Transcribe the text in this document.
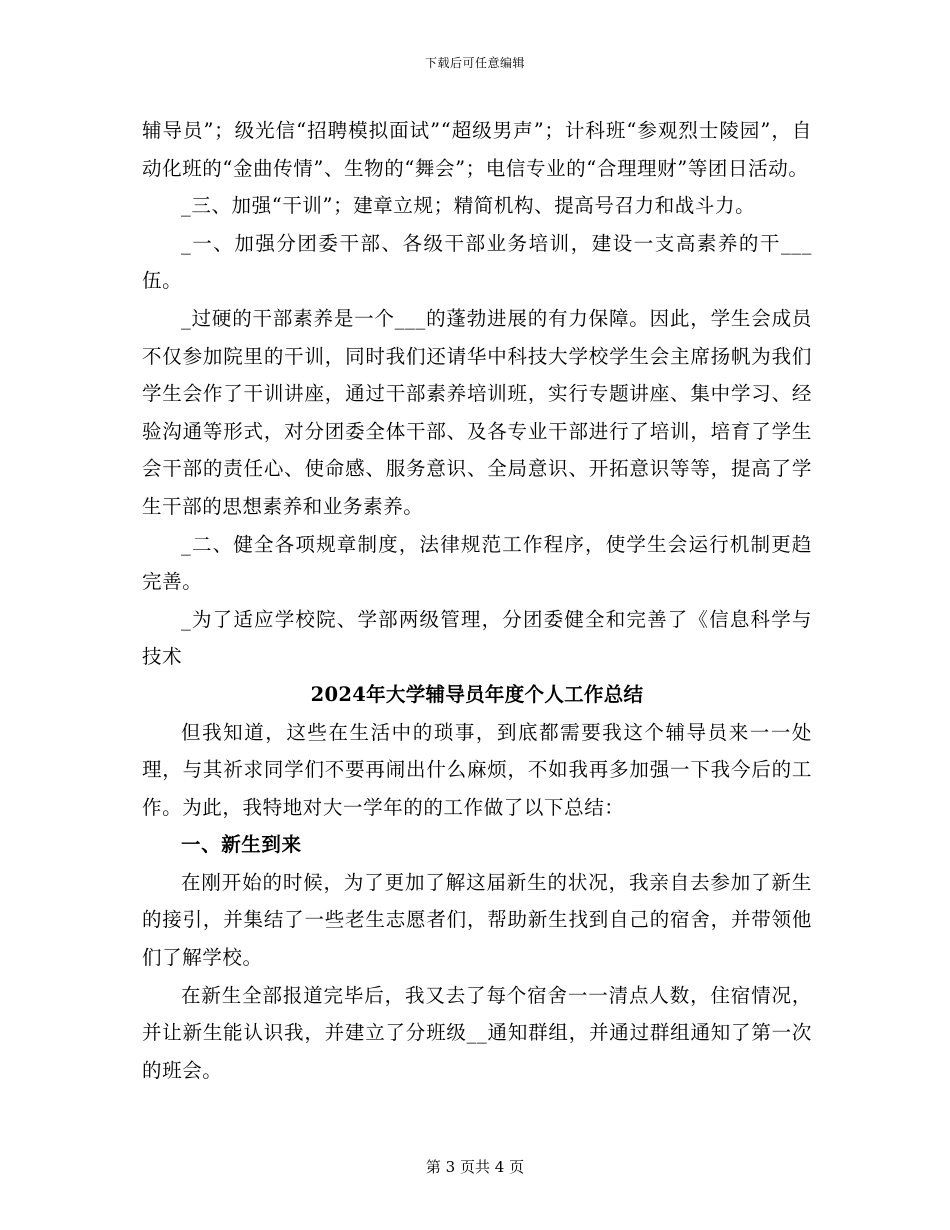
下载后可任意编辑

辅导员”；级光信“招聘模拟面试”“超级男声”；计科班“参观烈士陵园”，自动化班的“金曲传情”、生物的“舞会”；电信专业的“合理理财”等团日活动。

_三、加强“干训”；建章立规；精简机构、提高号召力和战斗力。

_一、加强分团委干部、各级干部业务培训，建设一支高素养的干___伍。

_过硬的干部素养是一个___的蓬勃进展的有力保障。因此，学生会成员不仅参加院里的干训，同时我们还请华中科技大学校学生会主席扬帆为我们学生会作了干训讲座，通过干部素养培训班，实行专题讲座、集中学习、经验沟通等形式，对分团委全体干部、及各专业干部进行了培训，培育了学生会干部的责任心、使命感、服务意识、全局意识、开拓意识等等，提高了学生干部的思想素养和业务素养。

_二、健全各项规章制度，法律规范工作程序，使学生会运行机制更趋完善。

_为了适应学校院、学部两级管理，分团委健全和完善了《信息科学与技术

2024年大学辅导员年度个人工作总结

但我知道，这些在生活中的琐事，到底都需要我这个辅导员来一一处理，与其祈求同学们不要再闹出什么麻烦，不如我再多加强一下我今后的工作。为此，我特地对大一学年的的工作做了以下总结：

一、新生到来

在刚开始的时候，为了更加了解这届新生的状况，我亲自去参加了新生的接引，并集结了一些老生志愿者们，帮助新生找到自己的宿舍，并带领他们了解学校。

在新生全部报道完毕后，我又去了每个宿舍一一清点人数，住宿情况，并让新生能认识我，并建立了分班级__通知群组，并通过群组通知了第一次的班会。

第 3 页共 4 页
